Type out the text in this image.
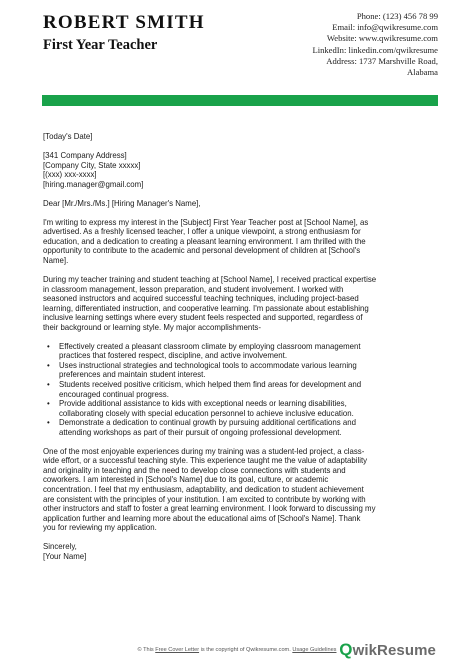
ROBERT SMITH
First Year Teacher
Phone: (123) 456 78 99
Email: info@qwikresume.com
Website: www.qwikresume.com
LinkedIn: linkedin.com/qwikresume
Address: 1737 Marshville Road,
Alabama

[Today's Date]

[341 Company Address]
[Company City, State xxxxx]
[(xxx) xxx-xxxx]
[hiring.manager@gmail.com]

Dear [Mr./Mrs./Ms.] [Hiring Manager's Name],

I'm writing to express my interest in the [Subject] First Year Teacher post at [School Name], as
advertised. As a freshly licensed teacher, I offer a unique viewpoint, a strong enthusiasm for
education, and a dedication to creating a pleasant learning environment. I am thrilled with the
opportunity to contribute to the academic and personal development of children at [School's
Name].

During my teacher training and student teaching at [School Name], I received practical expertise
in classroom management, lesson preparation, and student involvement. I worked with
seasoned instructors and acquired successful teaching techniques, including project-based
learning, differentiated instruction, and cooperative learning. I'm passionate about establishing
inclusive learning settings where every student feels respected and supported, regardless of
their background or learning style. My major accomplishments-

• Effectively created a pleasant classroom climate by employing classroom management
practices that fostered respect, discipline, and active involvement.
• Uses instructional strategies and technological tools to accommodate various learning
preferences and maintain student interest.
• Students received positive criticism, which helped them find areas for development and
encouraged continual progress.
• Provide additional assistance to kids with exceptional needs or learning disabilities,
collaborating closely with special education personnel to achieve inclusive education.
• Demonstrate a dedication to continual growth by pursuing additional certifications and
attending workshops as part of their pursuit of ongoing professional development.

One of the most enjoyable experiences during my training was a student-led project, a class-
wide effort, or a successful teaching style. This experience taught me the value of adaptability
and originality in teaching and the need to develop close connections with students and
coworkers. I am interested in [School's Name] due to its goal, culture, or academic
concentration. I feel that my enthusiasm, adaptability, and dedication to student achievement
are consistent with the principles of your institution. I am excited to contribute by working with
other instructors and staff to foster a great learning environment. I look forward to discussing my
application further and learning more about the educational aims of [School's Name]. Thank
you for reviewing my application.

Sincerely,
[Your Name]
© This Free Cover Letter is the copyright of Qwikresume.com. Usage Guidelines QwikResume
